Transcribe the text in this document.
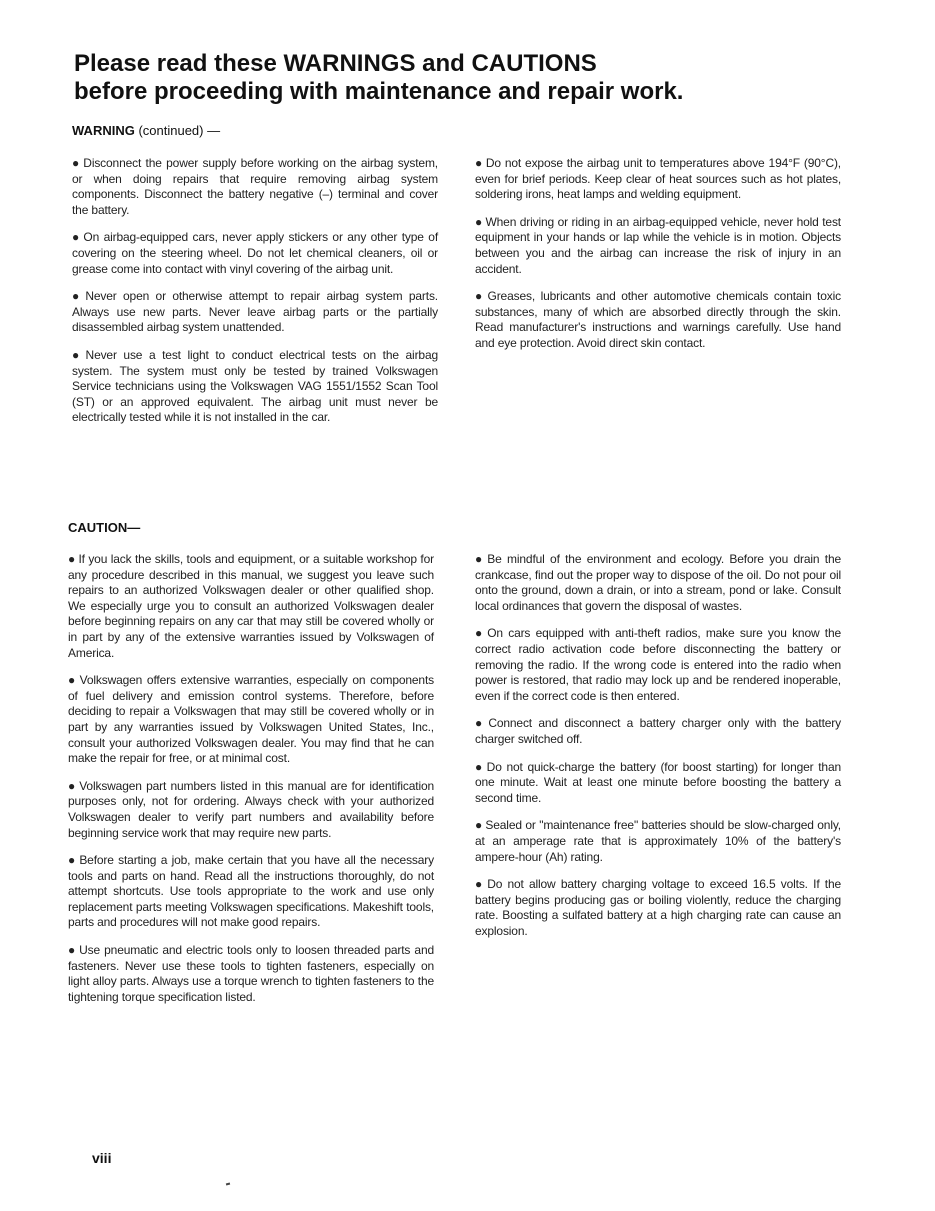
Please read these WARNINGS and CAUTIONS
before proceeding with maintenance and repair work.
WARNING (continued) —

● Disconnect the power supply before working on the airbag system, or when doing repairs that require removing airbag system components. Disconnect the battery negative (–) terminal and cover the battery.

● On airbag-equipped cars, never apply stickers or any other type of covering on the steering wheel. Do not let chemical cleaners, oil or grease come into contact with vinyl covering of the airbag unit.

● Never open or otherwise attempt to repair airbag system parts. Always use new parts. Never leave airbag parts or the partially disassembled airbag system unattended.

● Never use a test light to conduct electrical tests on the airbag system. The system must only be tested by trained Volkswagen Service technicians using the Volkswagen VAG 1551/1552 Scan Tool (ST) or an approved equivalent. The airbag unit must never be electrically tested while it is not installed in the car.

● Do not expose the airbag unit to temperatures above 194°F (90°C), even for brief periods. Keep clear of heat sources such as hot plates, soldering irons, heat lamps and welding equipment.

● When driving or riding in an airbag-equipped vehicle, never hold test equipment in your hands or lap while the vehicle is in motion. Objects between you and the airbag can increase the risk of injury in an accident.

● Greases, lubricants and other automotive chemicals contain toxic substances, many of which are absorbed directly through the skin. Read manufacturer's instructions and warnings carefully. Use hand and eye protection. Avoid direct skin contact.

CAUTION—

● If you lack the skills, tools and equipment, or a suitable workshop for any procedure described in this manual, we suggest you leave such repairs to an authorized Volkswagen dealer or other qualified shop. We especially urge you to consult an authorized Volkswagen dealer before beginning repairs on any car that may still be covered wholly or in part by any of the extensive warranties issued by Volkswagen of America.

● Volkswagen offers extensive warranties, especially on components of fuel delivery and emission control systems. Therefore, before deciding to repair a Volkswagen that may still be covered wholly or in part by any warranties issued by Volkswagen United States, Inc., consult your authorized Volkswagen dealer. You may find that he can make the repair for free, or at minimal cost.

● Volkswagen part numbers listed in this manual are for identification purposes only, not for ordering. Always check with your authorized Volkswagen dealer to verify part numbers and availability before beginning service work that may require new parts.

● Before starting a job, make certain that you have all the necessary tools and parts on hand. Read all the instructions thoroughly, do not attempt shortcuts. Use tools appropriate to the work and use only replacement parts meeting Volkswagen specifications. Makeshift tools, parts and procedures will not make good repairs.

● Use pneumatic and electric tools only to loosen threaded parts and fasteners. Never use these tools to tighten fasteners, especially on light alloy parts. Always use a torque wrench to tighten fasteners to the tightening torque specification listed.

● Be mindful of the environment and ecology. Before you drain the crankcase, find out the proper way to dispose of the oil. Do not pour oil onto the ground, down a drain, or into a stream, pond or lake. Consult local ordinances that govern the disposal of wastes.

● On cars equipped with anti-theft radios, make sure you know the correct radio activation code before disconnecting the battery or removing the radio. If the wrong code is entered into the radio when power is restored, that radio may lock up and be rendered inoperable, even if the correct code is then entered.

● Connect and disconnect a battery charger only with the battery charger switched off.

● Do not quick-charge the battery (for boost starting) for longer than one minute. Wait at least one minute before boosting the battery a second time.

● Sealed or "maintenance free" batteries should be slow-charged only, at an amperage rate that is approximately 10% of the battery's ampere-hour (Ah) rating.

● Do not allow battery charging voltage to exceed 16.5 volts. If the battery begins producing gas or boiling violently, reduce the charging rate. Boosting a sulfated battery at a high charging rate can cause an explosion.

viii
